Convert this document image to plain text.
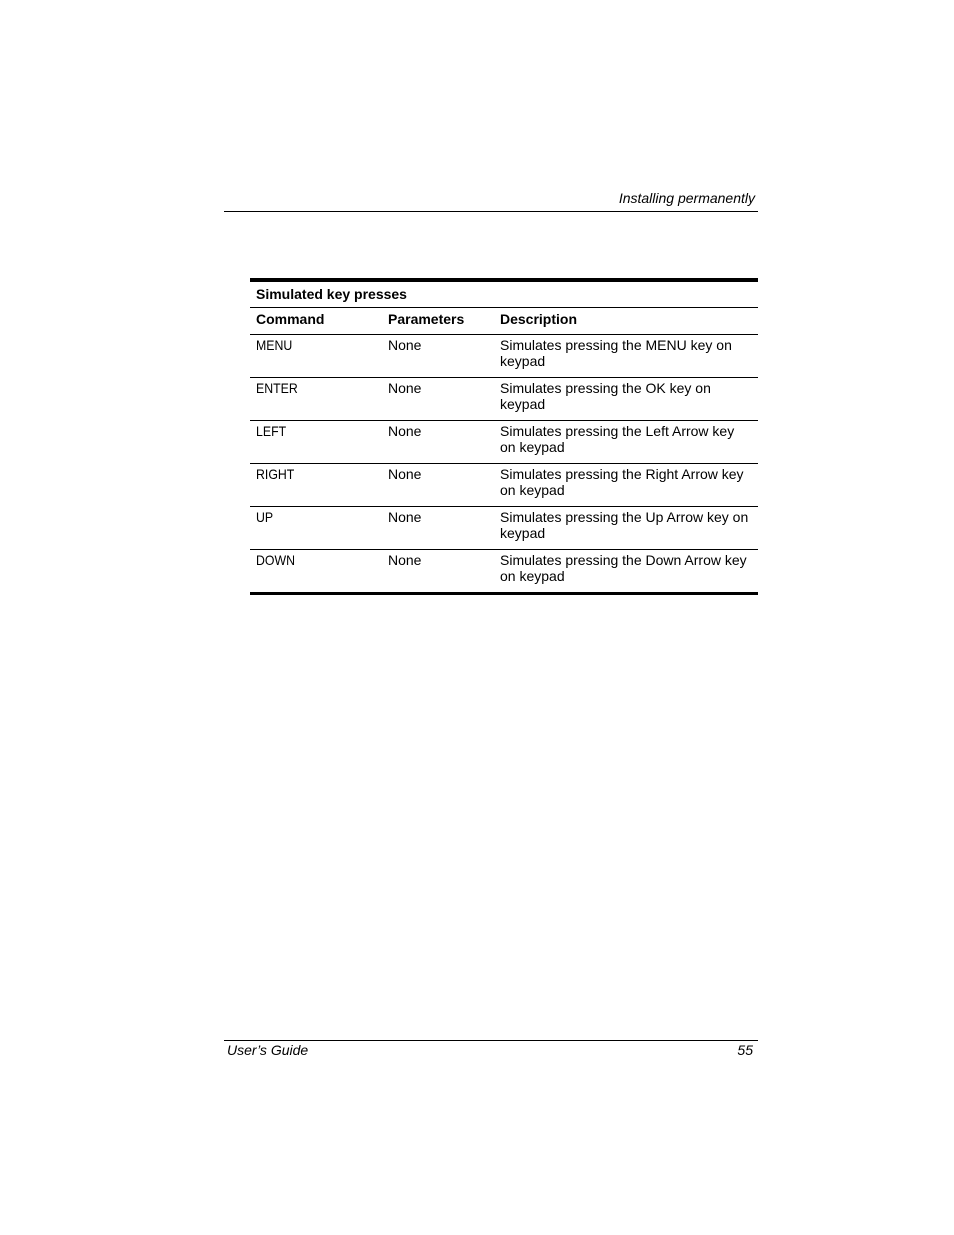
Installing permanently
Simulated key presses
Command	Parameters	Description
MENU	None	Simulates pressing the MENU key on keypad
ENTER	None	Simulates pressing the OK key on keypad
LEFT	None	Simulates pressing the Left Arrow key on keypad
RIGHT	None	Simulates pressing the Right Arrow key on keypad
UP	None	Simulates pressing the Up Arrow key on keypad
DOWN	None	Simulates pressing the Down Arrow key on keypad
User’s Guide	55
